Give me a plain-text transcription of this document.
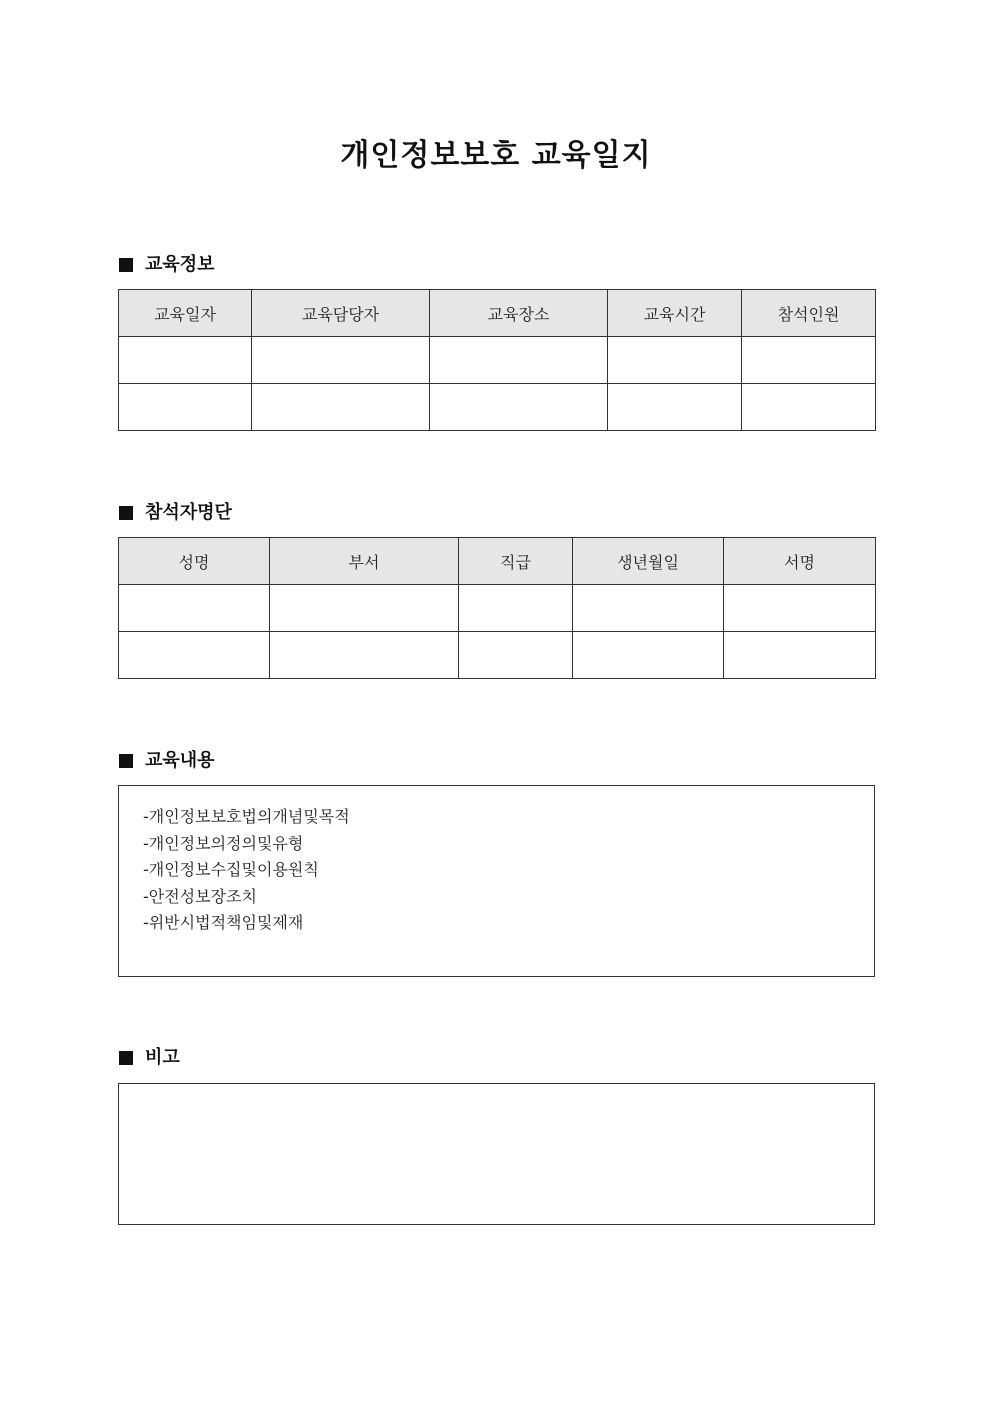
개인정보보호 교육일지
교육정보
교육일자	교육담당자	교육장소	교육시간	참석인원

참석자명단
성명	부서	직급	생년월일	서명

교육내용
-개인정보보호법의개념및목적
-개인정보의정의및유형
-개인정보수집및이용원칙
-안전성보장조치
-위반시법적책임및제재
비고
